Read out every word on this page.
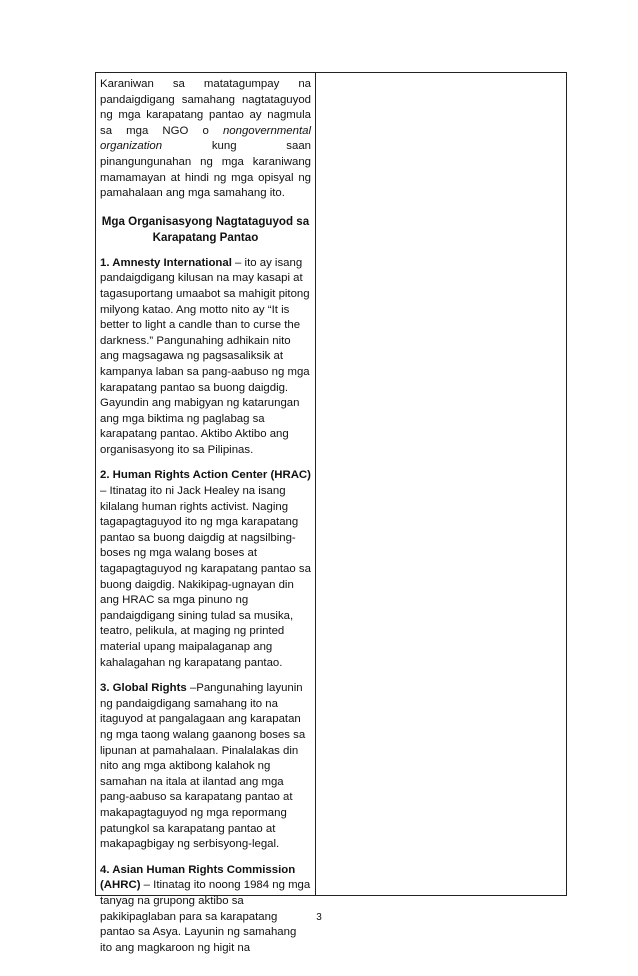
Karaniwan sa matatagumpay na pandaigdigang samahang nagtataguyod ng mga karapatang pantao ay nagmula sa mga NGO o nongovernmental organization kung saan pinangungunahan ng mga karaniwang mamamayan at hindi ng mga opisyal ng pamahalaan ang mga samahang ito.

Mga Organisasyong Nagtataguyod sa Karapatang Pantao

1. Amnesty International – ito ay isang pandaigdigang kilusan na may kasapi at tagasuportang umaabot sa mahigit pitong milyong katao. Ang motto nito ay “It is better to light a candle than to curse the darkness.” Pangunahing adhikain nito ang magsagawa ng pagsasaliksik at kampanya laban sa pang-aabuso ng mga karapatang pantao sa buong daigdig. Gayundin ang mabigyan ng katarungan ang mga biktima ng paglabag sa karapatang pantao. Aktibo Aktibo ang organisasyong ito sa Pilipinas.

2. Human Rights Action Center (HRAC) – Itinatag ito ni Jack Healey na isang kilalang human rights activist. Naging tagapagtaguyod ito ng mga karapatang pantao sa buong daigdig at nagsilbing-boses ng mga walang boses at tagapagtaguyod ng karapatang pantao sa buong daigdig. Nakikipag-ugnayan din ang HRAC sa mga pinuno ng pandaigdigang sining tulad sa musika, teatro, pelikula, at maging ng printed material upang maipalaganap ang kahalagahan ng karapatang pantao.

3. Global Rights –Pangunahing layunin ng pandaigdigang samahang ito na itaguyod at pangalagaan ang karapatan ng mga taong walang gaanong boses sa lipunan at pamahalaan. Pinalalakas din nito ang mga aktibong kalahok ng samahan na itala at ilantad ang mga pang-aabuso sa karapatang pantao at makapagtaguyod ng mga repormang patungkol sa karapatang pantao at makapagbigay ng serbisyong-legal.

4. Asian Human Rights Commission (AHRC) – Itinatag ito noong 1984 ng mga tanyag na grupong aktibo sa pakikipaglaban para sa karapatang pantao sa Asya. Layunin ng samahang ito ang magkaroon ng higit na

3
